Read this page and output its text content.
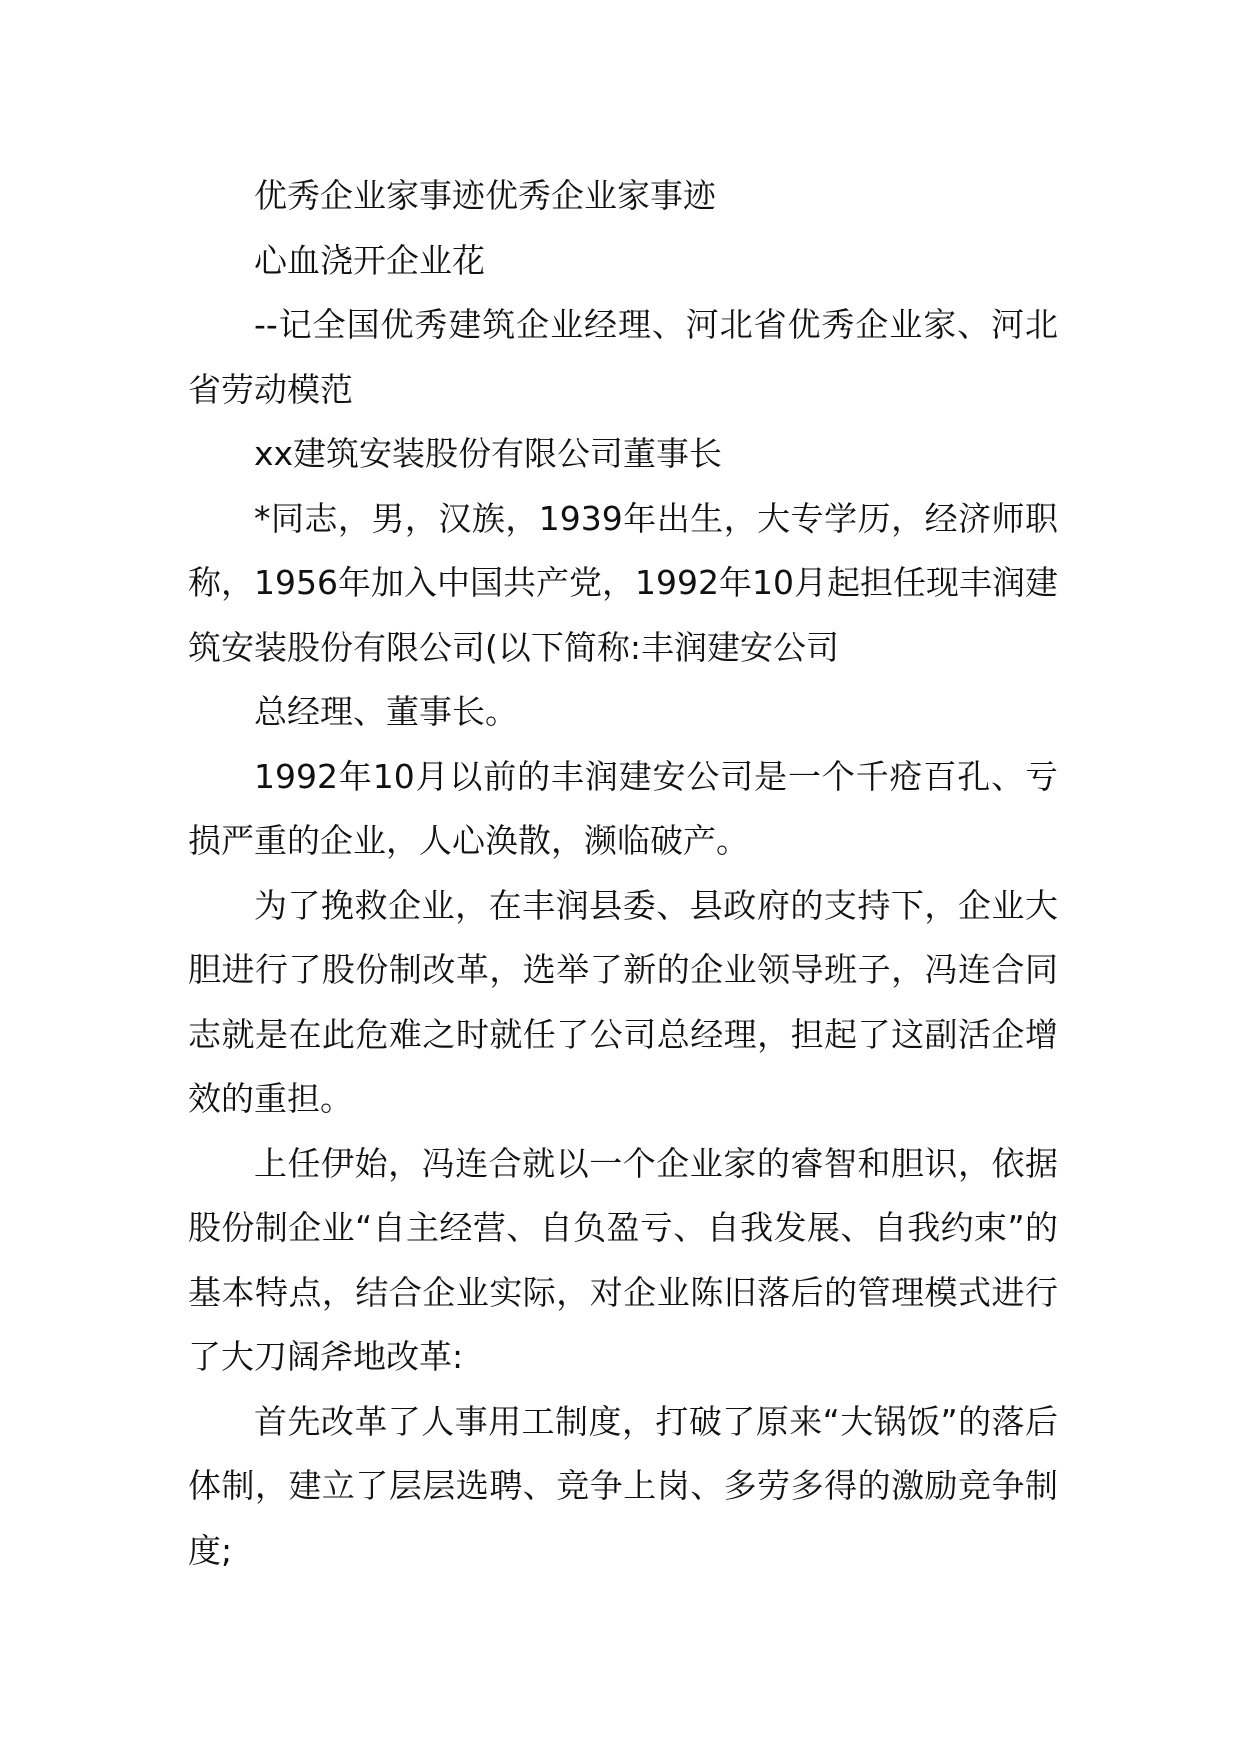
优秀企业家事迹优秀企业家事迹

心血浇开企业花

--记全国优秀建筑企业经理、河北省优秀企业家、河北省劳动模范

xx建筑安装股份有限公司董事长

*同志，男，汉族，1939年出生，大专学历，经济师职称，1956年加入中国共产党，1992年10月起担任现丰润建筑安装股份有限公司(以下简称:丰润建安公司

总经理、董事长。

1992年10月以前的丰润建安公司是一个千疮百孔、亏损严重的企业，人心涣散，濒临破产。

为了挽救企业，在丰润县委、县政府的支持下，企业大胆进行了股份制改革，选举了新的企业领导班子，冯连合同志就是在此危难之时就任了公司总经理，担起了这副活企增效的重担。

上任伊始，冯连合就以一个企业家的睿智和胆识，依据股份制企业“自主经营、自负盈亏、自我发展、自我约束”的基本特点，结合企业实际，对企业陈旧落后的管理模式进行了大刀阔斧地改革:

首先改革了人事用工制度，打破了原来“大锅饭”的落后体制，建立了层层选聘、竞争上岗、多劳多得的激励竞争制度;
